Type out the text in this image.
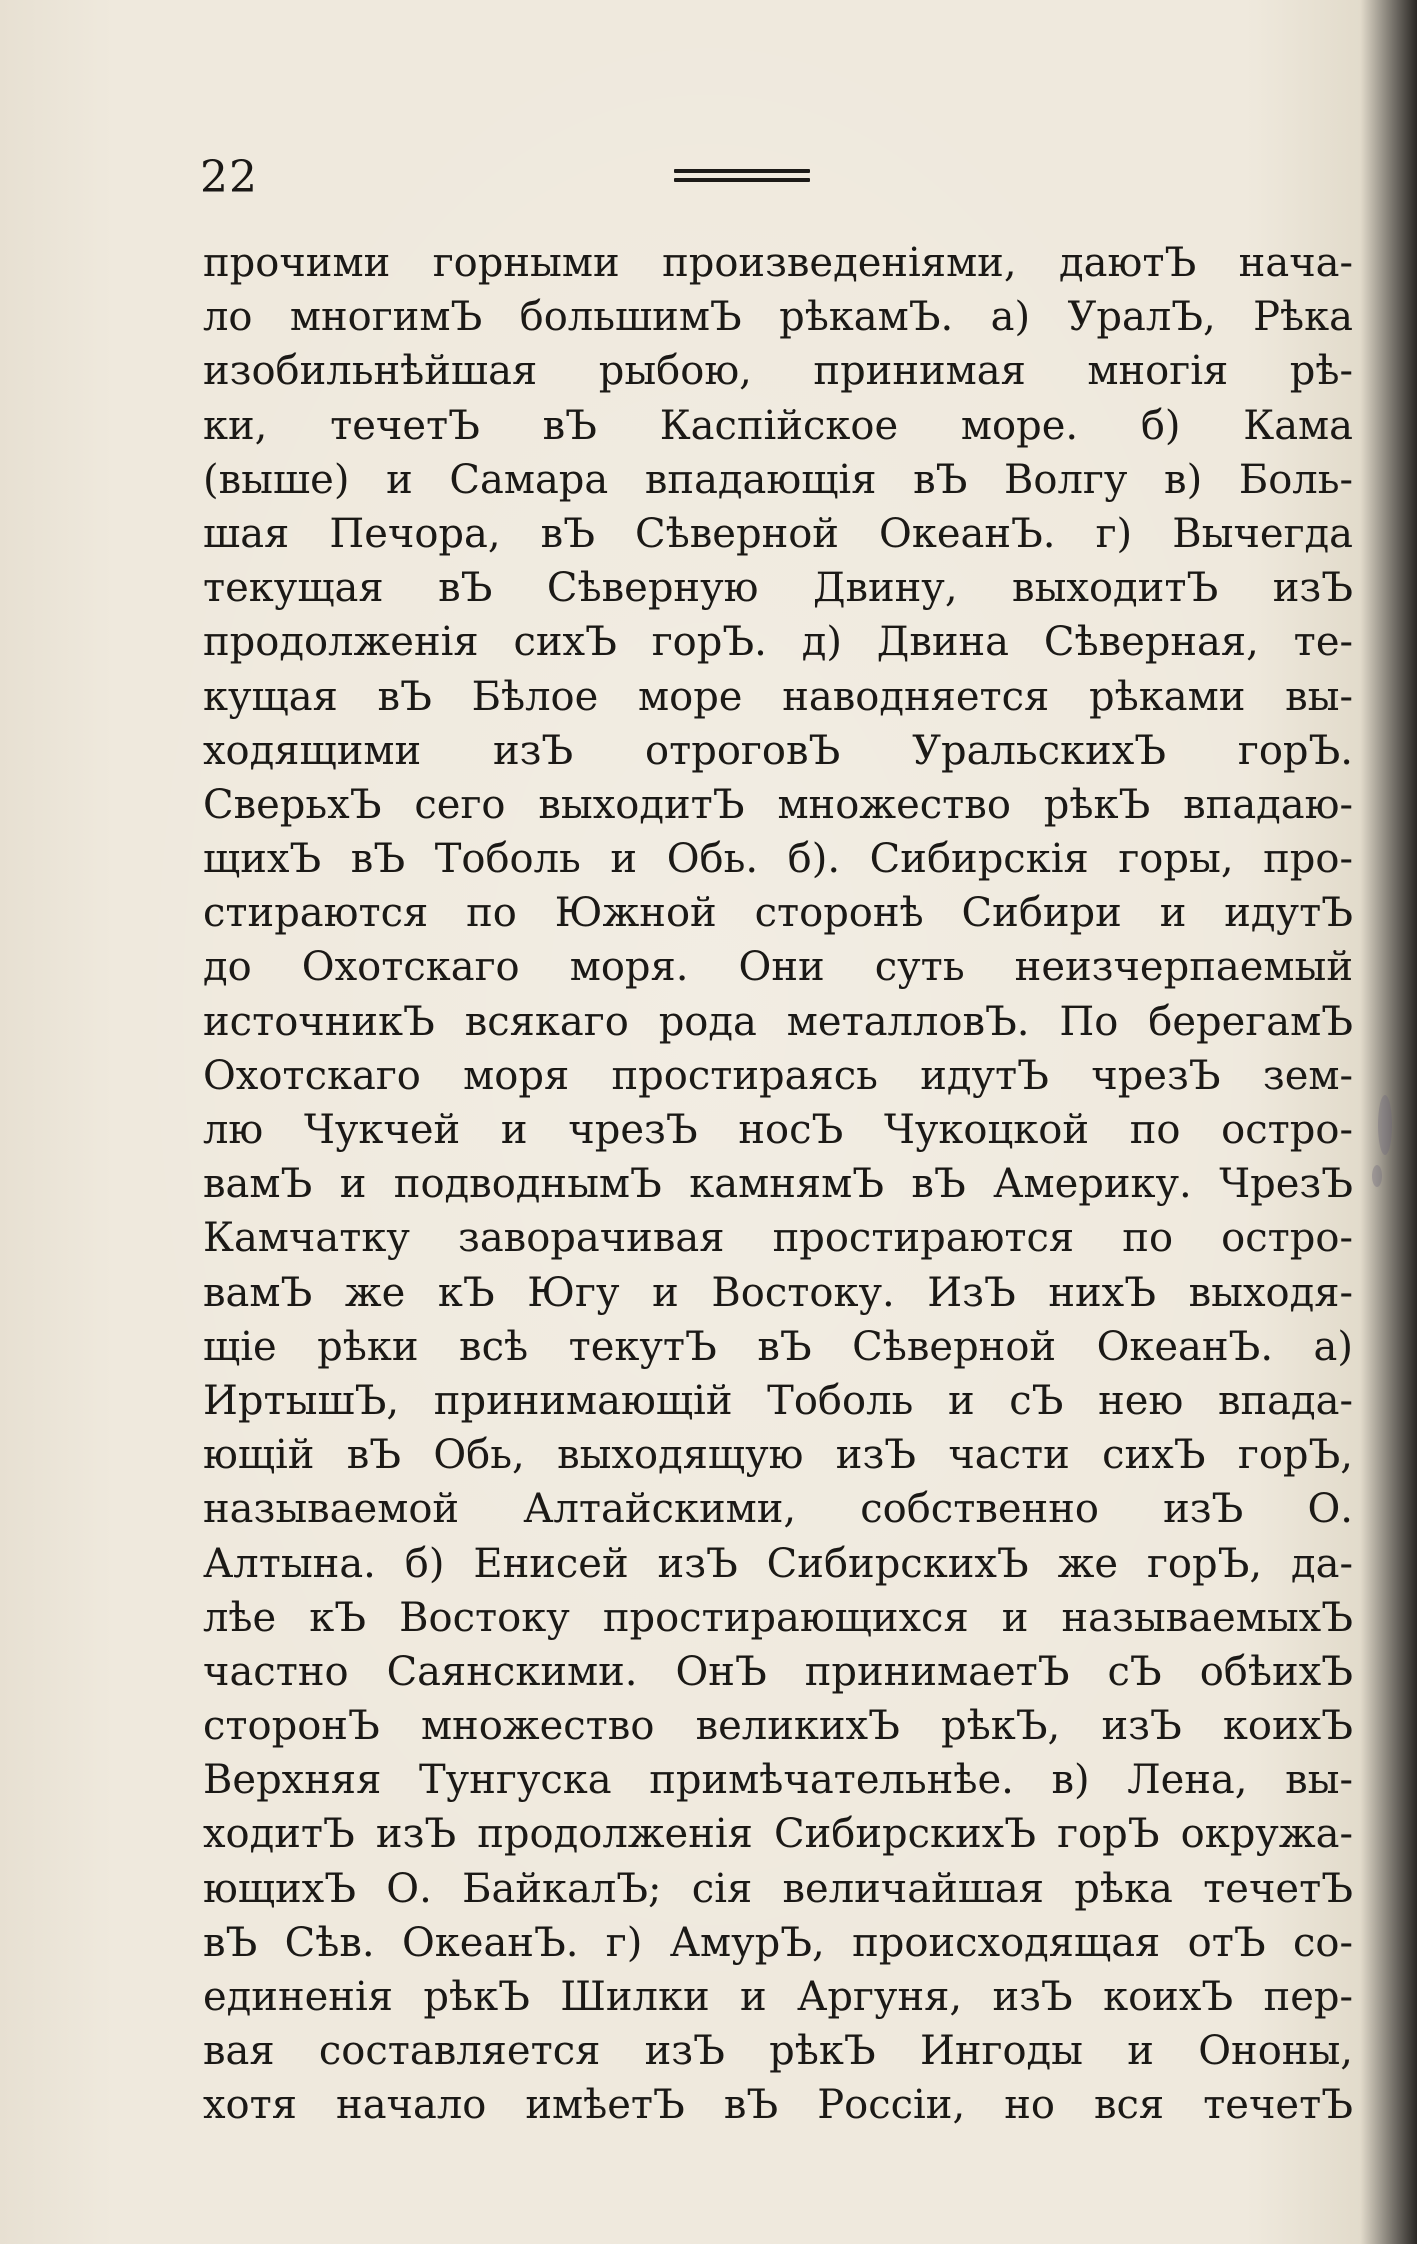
22
прочими горными произведенiями, даютЪ нача-
ло многимЪ большимЪ рѣкамЪ. а) УралЪ, Рѣка
изобильнѣйшая рыбою, принимая многiя рѣ-
ки, течетЪ вЪ Каспiйское море. б) Кама
(выше) и Самара впадающiя вЪ Волгу в) Боль-
шая Печора, вЪ Сѣверной ОкеанЪ. г) Вычегда
текущая вЪ Сѣверную Двину, выходитЪ изЪ
продолженiя сихЪ горЪ. д) Двина Сѣверная, те-
кущая вЪ Бѣлое море наводняется рѣками вы-
ходящими изЪ отроговЪ УральскихЪ горЪ.
СверьхЪ сего выходитЪ множество рѣкЪ впадаю-
щихЪ вЪ Тоболь и Обь. б). Сибирскiя горы, про-
стираются по Южной сторонѣ Сибири и идутЪ
до Охотскаго моря. Они суть неизчерпаемый
источникЪ всякаго рода металловЪ. По берегамЪ
Охотскаго моря простираясь идутЪ чрезЪ зем-
лю Чукчей и чрезЪ носЪ Чукоцкой по остро-
вамЪ и подводнымЪ камнямЪ вЪ Америку. ЧрезЪ
Камчатку заворачивая простираются по остро-
вамЪ же кЪ Югу и Востоку. ИзЪ нихЪ выходя-
щiе рѣки всѣ текутЪ вЪ Сѣверной ОкеанЪ. а)
ИртышЪ, принимающiй Тоболь и сЪ нею впада-
ющiй вЪ Обь, выходящую изЪ части сихЪ горЪ,
называемой Алтайскими, собственно изЪ О.
Алтына. б) Енисей изЪ СибирскихЪ же горЪ, да-
лѣе кЪ Востоку простирающихся и называемыхЪ
частно Саянскими. ОнЪ принимаетЪ сЪ обѣихЪ
сторонЪ множество великихЪ рѣкЪ, изЪ коихЪ
Верхняя Тунгуска примѣчательнѣе. в) Лена, вы-
ходитЪ изЪ продолженiя СибирскихЪ горЪ окружа-
ющихЪ О. БайкалЪ; сiя величайшая рѣка течетЪ
вЪ Сѣв. ОкеанЪ. г) АмурЪ, происходящая отЪ со-
единенiя рѣкЪ Шилки и Аргуня, изЪ коихЪ пер-
вая составляется изЪ рѣкЪ Ингоды и Ононы,
хотя начало имѣетЪ вЪ Россiи, но вся течетЪ
